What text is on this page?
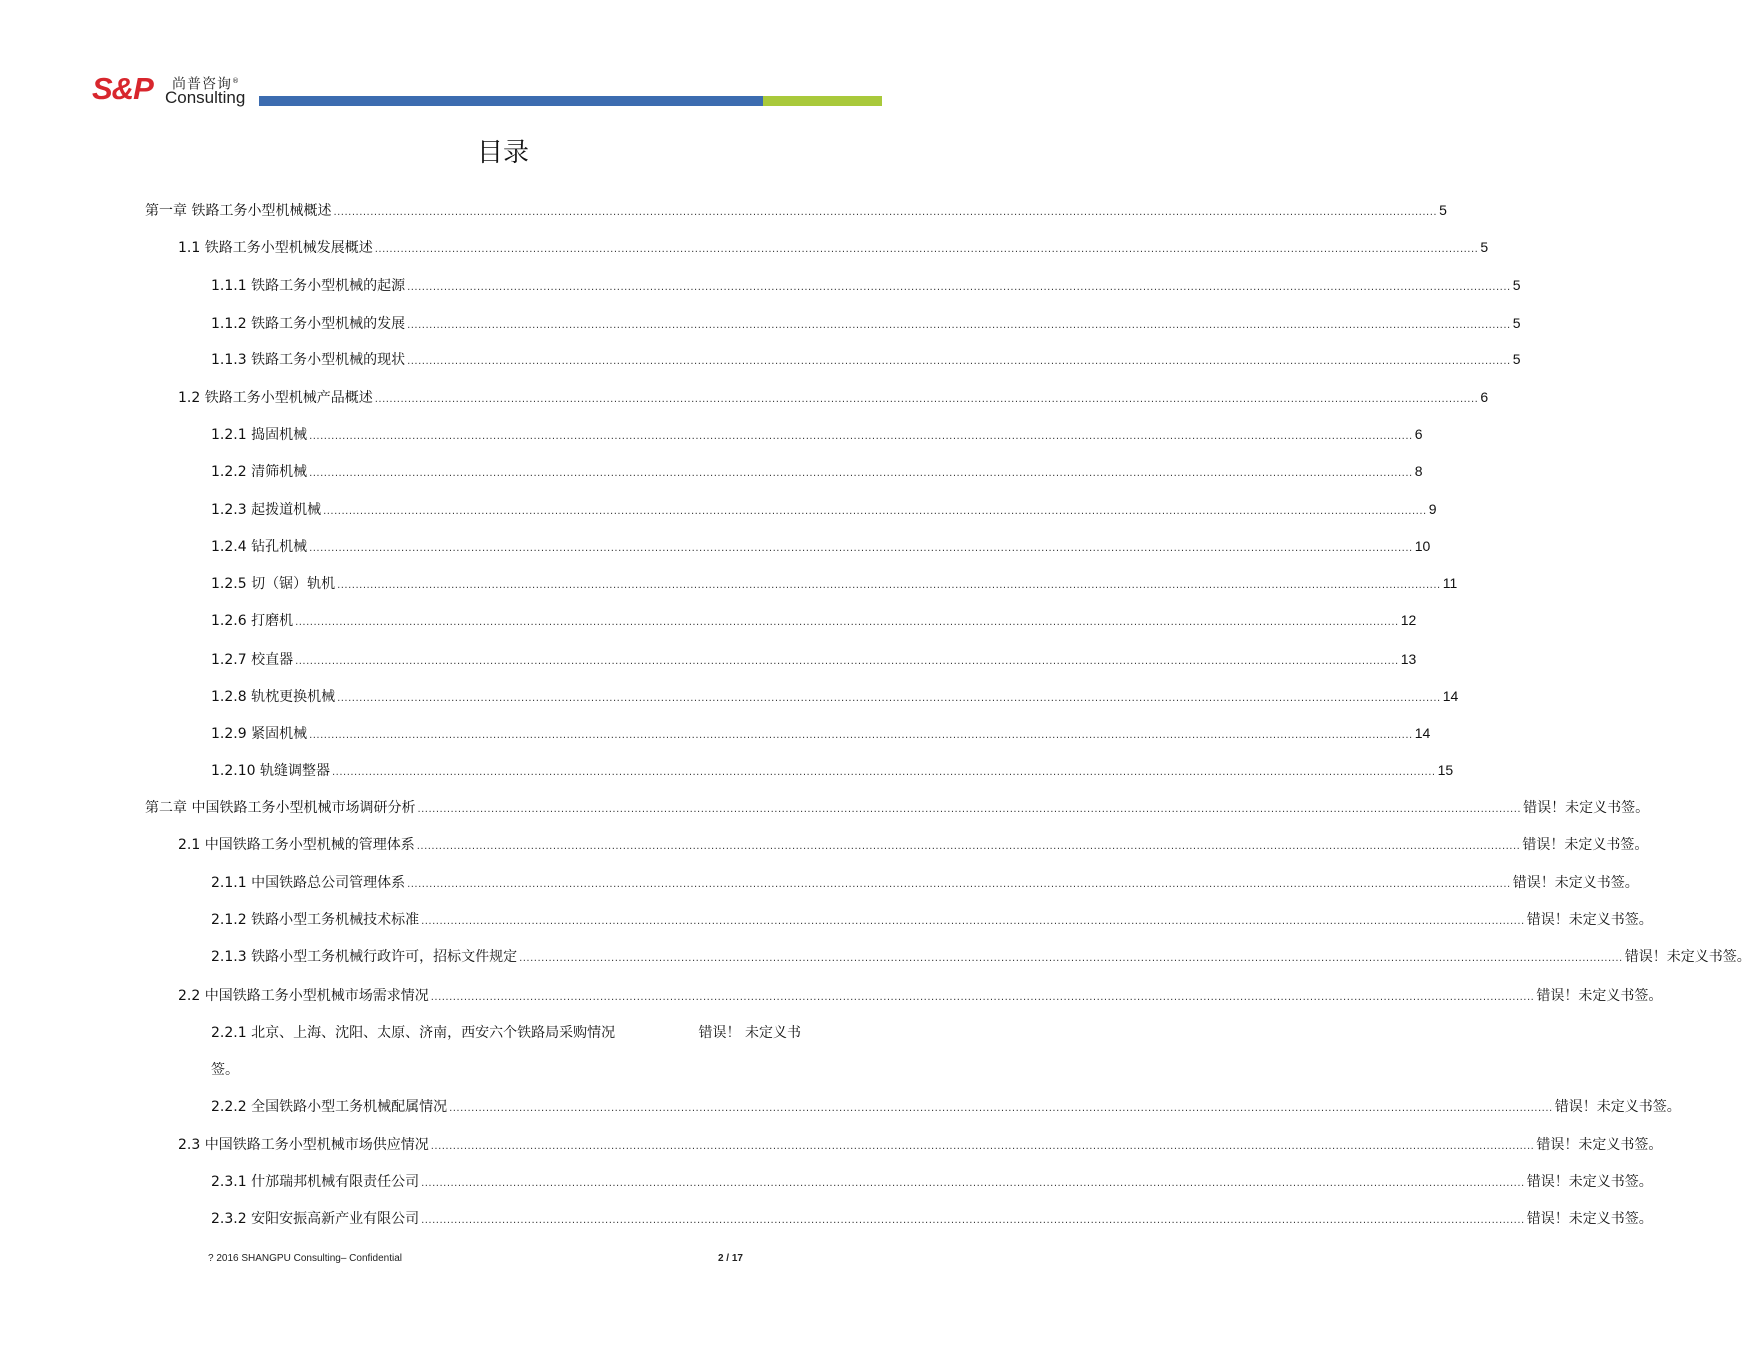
S&P 尚普咨询®
Consulting
目录
第一章 铁路工务小型机械概述 ............................................................................................................................................................................................................................................................................................................ 5
1.1 铁路工务小型机械发展概述 ............................................................................................................................................................................................................................................................................................................ 5
1.1.1 铁路工务小型机械的起源 ............................................................................................................................................................................................................................................................................................................ 5
1.1.2 铁路工务小型机械的发展 ............................................................................................................................................................................................................................................................................................................ 5
1.1.3 铁路工务小型机械的现状 ............................................................................................................................................................................................................................................................................................................ 5
1.2 铁路工务小型机械产品概述 ............................................................................................................................................................................................................................................................................................................ 6
1.2.1 捣固机械 ............................................................................................................................................................................................................................................................................................................ 6
1.2.2 清筛机械 ............................................................................................................................................................................................................................................................................................................ 8
1.2.3 起拨道机械 ............................................................................................................................................................................................................................................................................................................ 9
1.2.4 钻孔机械 ............................................................................................................................................................................................................................................................................................................ 10
1.2.5 切（锯）轨机 ............................................................................................................................................................................................................................................................................................................ 11
1.2.6 打磨机 ............................................................................................................................................................................................................................................................................................................ 12
1.2.7 校直器 ............................................................................................................................................................................................................................................................................................................ 13
1.2.8 轨枕更换机械 ............................................................................................................................................................................................................................................................................................................ 14
1.2.9 紧固机械 ............................................................................................................................................................................................................................................................................................................ 14
1.2.10 轨缝调整器 ............................................................................................................................................................................................................................................................................................................ 15
第二章 中国铁路工务小型机械市场调研分析 ............................................................................................................................................................................................................................................................................................................ 错误！未定义书签。
2.1 中国铁路工务小型机械的管理体系 ............................................................................................................................................................................................................................................................................................................ 错误！未定义书签。
2.1.1 中国铁路总公司管理体系 ............................................................................................................................................................................................................................................................................................................ 错误！未定义书签。
2.1.2 铁路小型工务机械技术标准 ............................................................................................................................................................................................................................................................................................................ 错误！未定义书签。
2.1.3 铁路小型工务机械行政许可，招标文件规定 ............................................................................................................................................................................................................................................................................................................ 错误！未定义书签。
2.2 中国铁路工务小型机械市场需求情况 ............................................................................................................................................................................................................................................................................................................ 错误！未定义书签。
2.2.1 北京、上海、沈阳、太原、济南，西安六个铁路局采购情况	错误！ 未定义书
签。
2.2.2 全国铁路小型工务机械配属情况 ............................................................................................................................................................................................................................................................................................................ 错误！未定义书签。
2.3 中国铁路工务小型机械市场供应情况 ............................................................................................................................................................................................................................................................................................................ 错误！未定义书签。
2.3.1 什邡瑞邦机械有限责任公司 ............................................................................................................................................................................................................................................................................................................ 错误！未定义书签。
2.3.2 安阳安振高新产业有限公司 ............................................................................................................................................................................................................................................................................................................ 错误！未定义书签。
? 2016 SHANGPU Consulting– Confidential	2 / 17
